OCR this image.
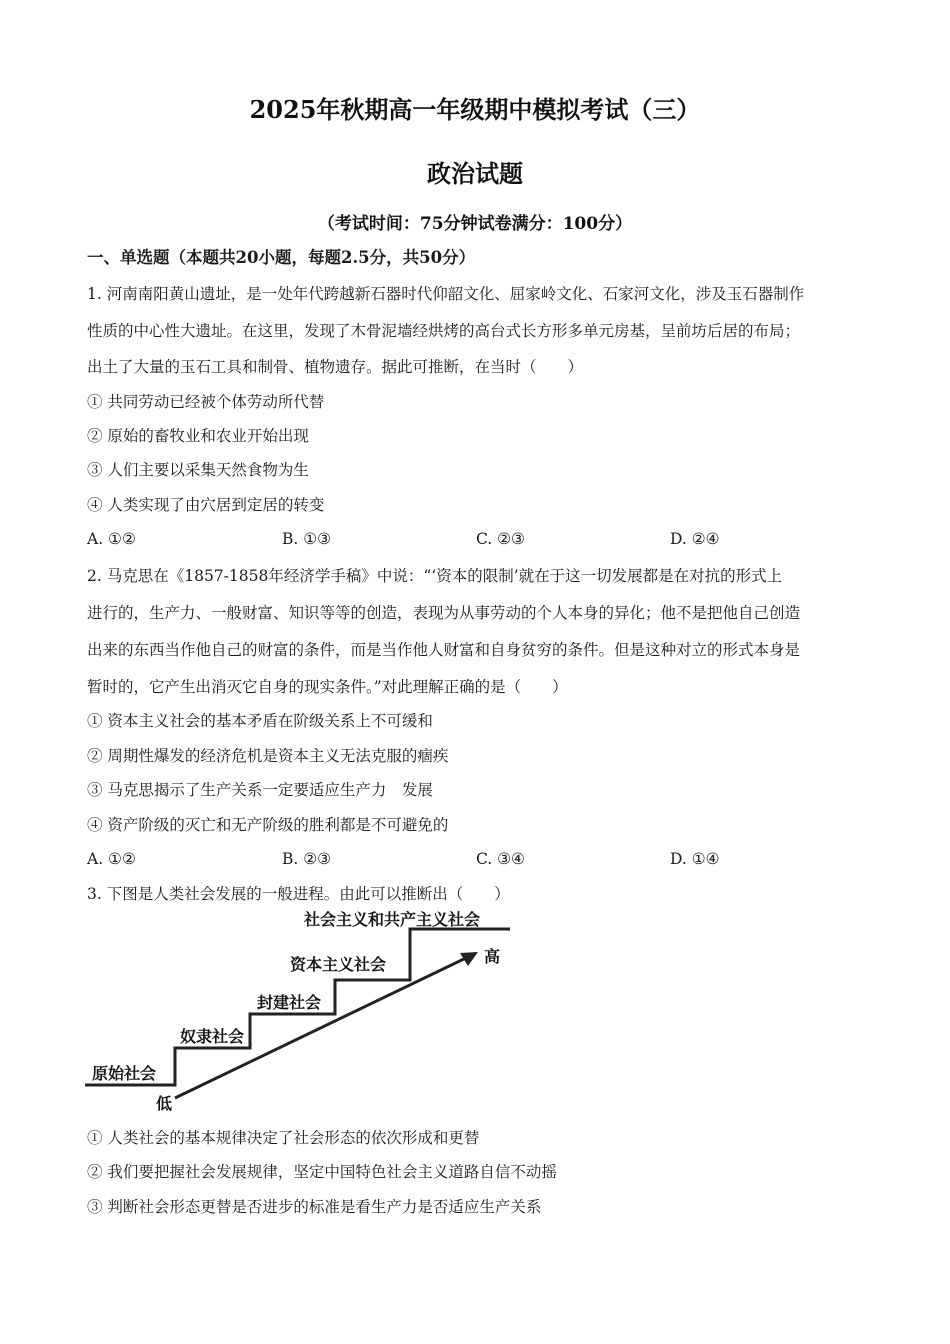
2025年秋期高一年级期中模拟考试（三）
政治试题
（考试时间：75分钟试卷满分：100分）
一、单选题（本题共20小题，每题2.5分，共50分）
1. 河南南阳黄山遗址，是一处年代跨越新石器时代仰韶文化、屈家岭文化、石家河文化，涉及玉石器制作
性质的中心性大遗址。在这里，发现了木骨泥墙经烘烤的高台式长方形多单元房基，呈前坊后居的布局；
出土了大量的玉石工具和制骨、植物遗存。据此可推断，在当时（　　）
① 共同劳动已经被个体劳动所代替
② 原始的畜牧业和农业开始出现
③ 人们主要以采集天然食物为生
④ 人类实现了由穴居到定居的转变
A. ①②	B. ①③	C. ②③	D. ②④
2. 马克思在《1857-1858年经济学手稿》中说：“‘资本的限制’就在于这一切发展都是在对抗的形式上
进行的，生产力、一般财富、知识等等的创造，表现为从事劳动的个人本身的异化；他不是把他自己创造
出来的东西当作他自己的财富的条件，而是当作他人财富和自身贫穷的条件。但是这种对立的形式本身是
暂时的，它产生出消灭它自身的现实条件。”对此理解正确的是（　　）
① 资本主义社会的基本矛盾在阶级关系上不可缓和
② 周期性爆发的经济危机是资本主义无法克服的痼疾
③ 马克思揭示了生产关系一定要适应生产力　发展
④ 资产阶级的灭亡和无产阶级的胜利都是不可避免的
A. ①②	B. ②③	C. ③④	D. ①④
3. 下图是人类社会发展的一般进程。由此可以推断出（　　）
原始社会
奴隶社会
封建社会
资本主义社会
社会主义和共产主义社会
低
高
① 人类社会的基本规律决定了社会形态的依次形成和更替
② 我们要把握社会发展规律，坚定中国特色社会主义道路自信不动摇
③ 判断社会形态更替是否进步的标准是看生产力是否适应生产关系
